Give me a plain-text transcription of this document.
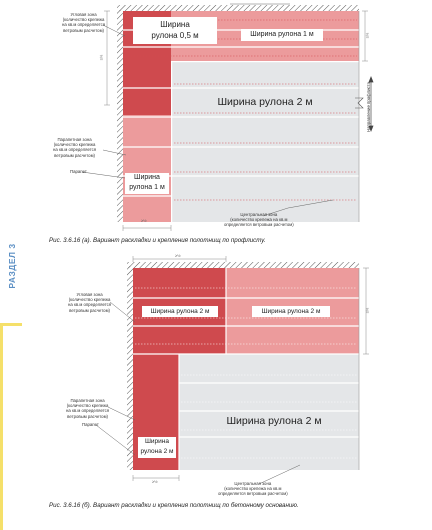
РАЗДЕЛ 3
Угловая зона
(количество крепежа
на кв.м определяется
ветровым расчетом)
Ширина
рулона 0,5 м	Ширина рулона 1 м
Ширина рулона 2 м
Ширина
рулона 1 м
Парапетная зона
(количество крепежа
на кв.м определяется
ветровым расчетом)
Парапет
Центральная зона
(количество крепежа на кв.м
определяется ветровым расчетом)
Направление профлиста
≥½
≥½
≥½
Рис. 3.6.16 (а). Вариант раскладки и крепления полотнищ по профлисту.
Угловая зона
(количество крепежа
на кв.м определяется
ветровым расчетом)	Ширина рулона 2 м	Ширина рулона 2 м
Ширина рулона 2 м
Ширина
рулона 2 м
Парапетная зона
(количество крепежа
на кв.м определяется
ветровым расчетом)
Парапет
Центральная зона
(количество крепежа на кв.м
определяется ветровым расчетом)
≥½
≥½
≥½
Рис. 3.6.16 (б). Вариант раскладки и крепления полотнищ по бетонному основанию.
